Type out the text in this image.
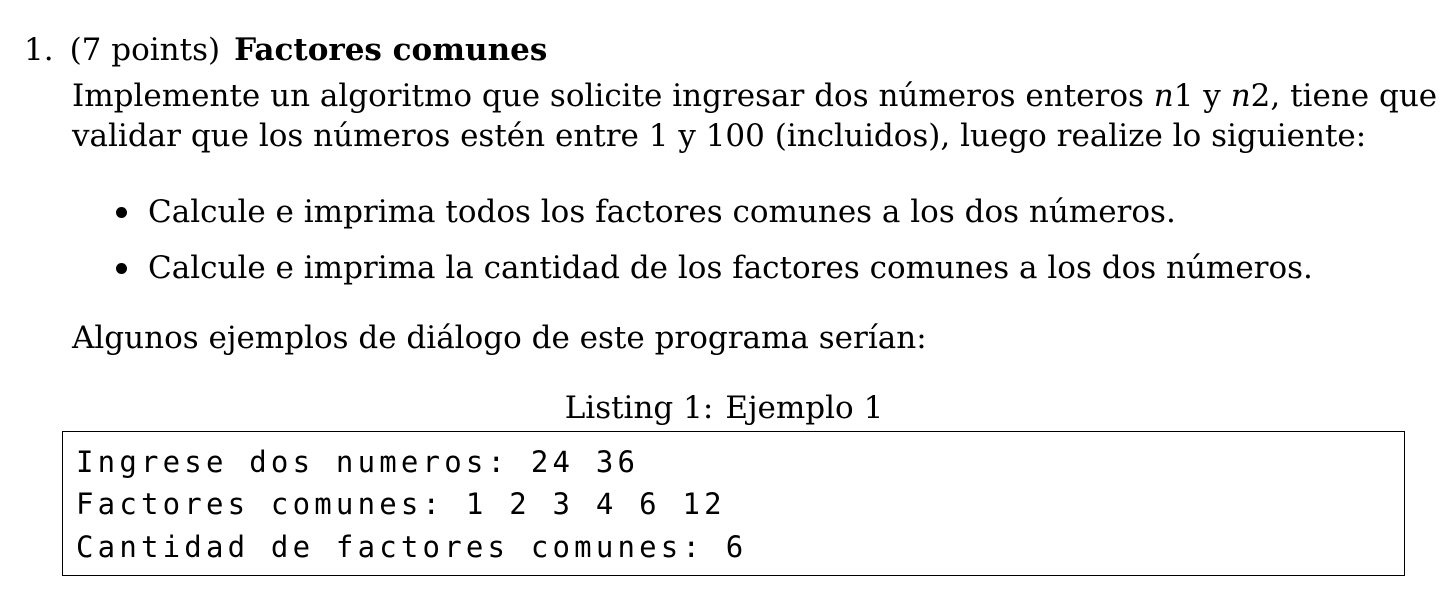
1. (7 points) Factores comunes
Implemente un algoritmo que solicite ingresar dos números enteros n1 y n2, tiene que
validar que los números estén entre 1 y 100 (incluidos), luego realize lo siguiente:
Calcule e imprima todos los factores comunes a los dos números.
Calcule e imprima la cantidad de los factores comunes a los dos números.
Algunos ejemplos de diálogo de este programa serían:
Listing 1: Ejemplo 1
Ingrese dos numeros: 24 36
Factores comunes: 1 2 3 4 6 12
Cantidad de factores comunes: 6
